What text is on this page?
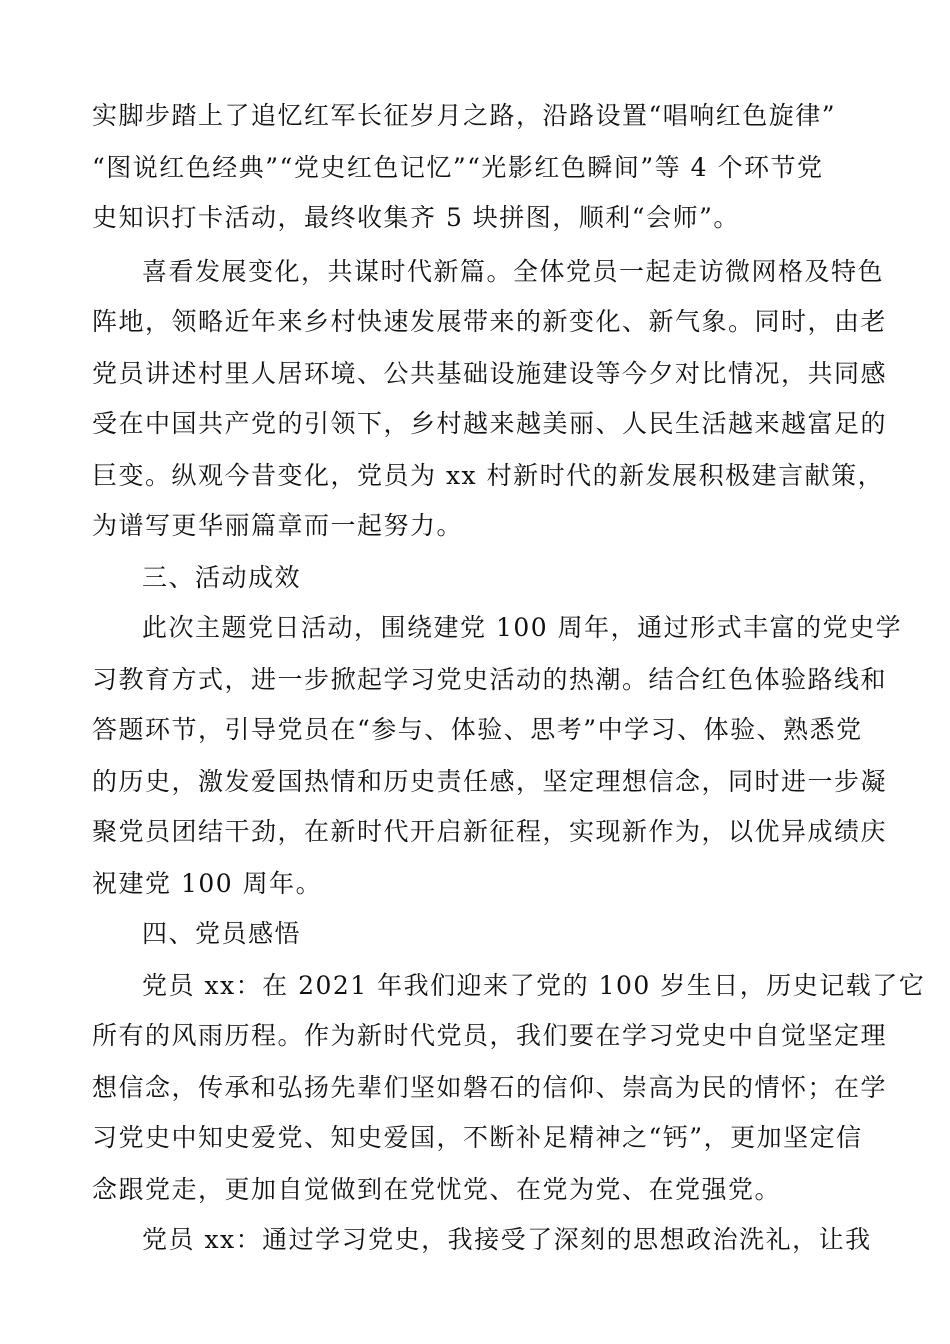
实脚步踏上了追忆红军长征岁月之路，沿路设置“唱响红色旋律”
“图说红色经典”“党史红色记忆”“光影红色瞬间”等 4 个环节党
史知识打卡活动，最终收集齐 5 块拼图，顺利“会师”。
喜看发展变化，共谋时代新篇。全体党员一起走访微网格及特色
阵地，领略近年来乡村快速发展带来的新变化、新气象。同时，由老
党员讲述村里人居环境、公共基础设施建设等今夕对比情况，共同感
受在中国共产党的引领下，乡村越来越美丽、人民生活越来越富足的
巨变。纵观今昔变化，党员为 xx 村新时代的新发展积极建言献策，
为谱写更华丽篇章而一起努力。
三、活动成效
此次主题党日活动，围绕建党 100 周年，通过形式丰富的党史学
习教育方式，进一步掀起学习党史活动的热潮。结合红色体验路线和
答题环节，引导党员在“参与、体验、思考”中学习、体验、熟悉党
的历史，激发爱国热情和历史责任感，坚定理想信念，同时进一步凝
聚党员团结干劲，在新时代开启新征程，实现新作为，以优异成绩庆
祝建党 100 周年。
四、党员感悟
党员 xx：在 2021 年我们迎来了党的 100 岁生日，历史记载了它
所有的风雨历程。作为新时代党员，我们要在学习党史中自觉坚定理
想信念，传承和弘扬先辈们坚如磐石的信仰、崇高为民的情怀；在学
习党史中知史爱党、知史爱国，不断补足精神之“钙”，更加坚定信
念跟党走，更加自觉做到在党忧党、在党为党、在党强党。
党员 xx：通过学习党史，我接受了深刻的思想政治洗礼，让我
